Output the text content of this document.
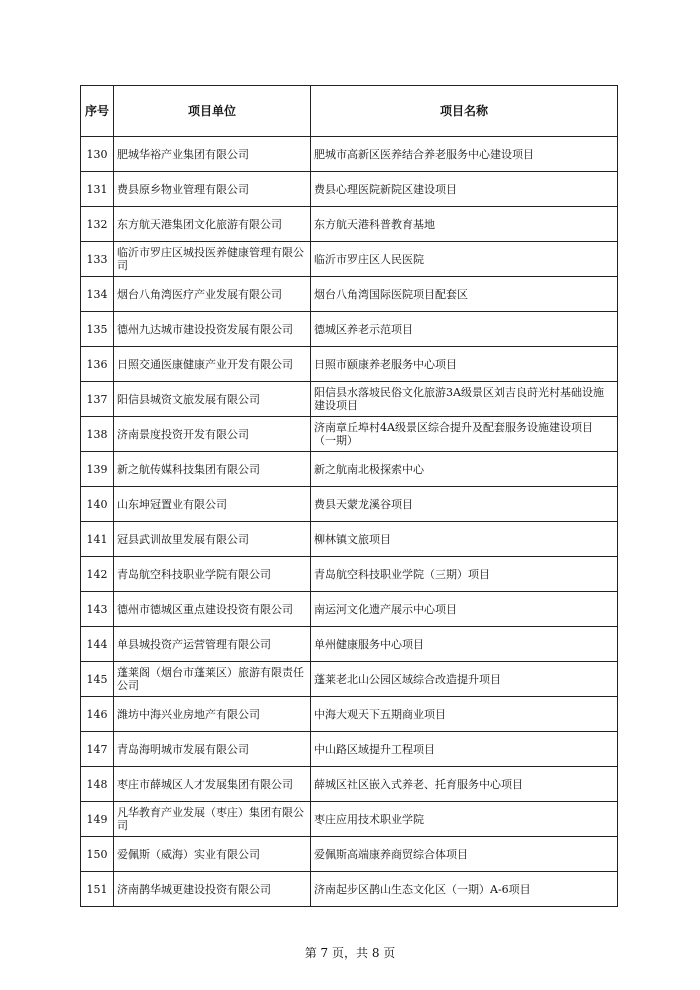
序号	项目单位	项目名称
130	肥城华裕产业集团有限公司	肥城市高新区医养结合养老服务中心建设项目
131	费县原乡物业管理有限公司	费县心理医院新院区建设项目
132	东方航天港集团文化旅游有限公司	东方航天港科普教育基地
133	临沂市罗庄区城投医养健康管理有限公司	临沂市罗庄区人民医院
134	烟台八角湾医疗产业发展有限公司	烟台八角湾国际医院项目配套区
135	德州九达城市建设投资发展有限公司	德城区养老示范项目
136	日照交通医康健康产业开发有限公司	日照市颐康养老服务中心项目
137	阳信县城资文旅发展有限公司	阳信县水落坡民俗文化旅游3A级景区刘吉良莳光村基础设施建设项目
138	济南景度投资开发有限公司	济南章丘埠村4A级景区综合提升及配套服务设施建设项目（一期）
139	新之航传媒科技集团有限公司	新之航南北极探索中心
140	山东坤冠置业有限公司	费县天蒙龙溪谷项目
141	冠县武训故里发展有限公司	柳林镇文旅项目
142	青岛航空科技职业学院有限公司	青岛航空科技职业学院（三期）项目
143	德州市德城区重点建设投资有限公司	南运河文化遗产展示中心项目
144	单县城投资产运营管理有限公司	单州健康服务中心项目
145	蓬莱阁（烟台市蓬莱区）旅游有限责任公司	蓬莱老北山公园区域综合改造提升项目
146	潍坊中海兴业房地产有限公司	中海大观天下五期商业项目
147	青岛海明城市发展有限公司	中山路区域提升工程项目
148	枣庄市薛城区人才发展集团有限公司	薛城区社区嵌入式养老、托育服务中心项目
149	凡华教育产业发展（枣庄）集团有限公司	枣庄应用技术职业学院
150	爱佩斯（威海）实业有限公司	爱佩斯高端康养商贸综合体项目
151	济南鹊华城更建设投资有限公司	济南起步区鹊山生态文化区（一期）A-6项目
第 7 页，共 8 页
